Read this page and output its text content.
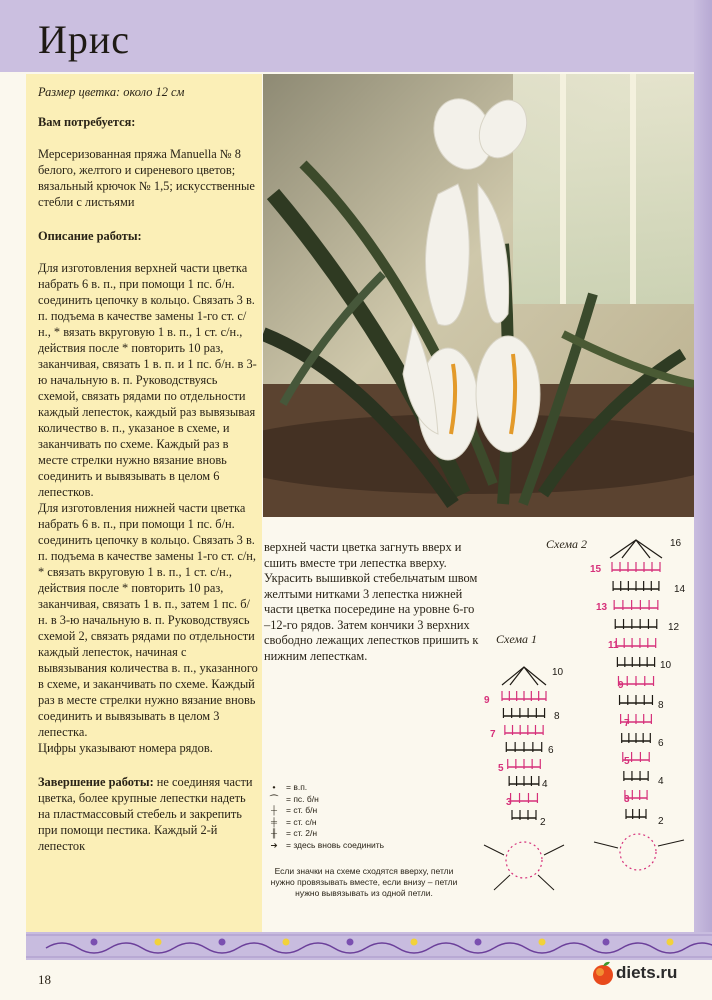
Ирис

Размер цветка: около 12 см

Вам потребуется:

Мерсеризованная пряжа Manuella № 8 белого, желтого и сиреневого цветов; вязальный крючок № 1,5; искусственные стебли с листьями

Описание работы:

Для изготовления верхней части цветка набрать 6 в. п., при помощи 1 пс. б/н. соединить цепочку в кольцо. Связать 3 в. п. подъема в качестве замены 1-го ст. с/н., * вязать вкруговую 1 в. п., 1 ст. с/н., действия после * повторить 10 раз, заканчивая, связать 1 в. п. и 1 пс. б/н. в 3-ю начальную в. п. Руководствуясь схемой, связать рядами по отдельности каждый лепесток, каждый раз вывязывая количество в. п., указаное в схеме, и заканчивать по схеме. Каждый раз в месте стрелки нужно вязание вновь соединить и вывязывать в целом 6 лепестков.

Для изготовления нижней части цветка набрать 6 в. п., при помощи 1 пс. б/н. соединить цепочку в кольцо. Связать 3 в. п. подъема в качестве замены 1-го ст. с/н, * связать вкруговую 1 в. п., 1 ст. с/н., действия после * повторить 10 раз, заканчивая, связать 1 в. п., затем 1 пс. б/н. в 3-ю начальную в. п. Руководствуясь схемой 2, связать рядами по отдельности каждый лепесток, начиная с вывязывания количества в. п., указанного в схеме, и заканчивать по схеме. Каждый раз в месте стрелки нужно вязание вновь соединить и вывязывать в целом 3 лепестка.

Цифры указывают номера рядов.

Завершение работы: не соединяя части цветка, более крупные лепестки надеть на пластмассовый стебель и закрепить при помощи пестика. Каждый 2-й лепесток

верхней части цветка загнуть вверх и сшить вместе три лепестка вверху. Украсить вышивкой стебельчатым швом желтыми нитками 3 лепестка нижней части цветка посередине на уровне 6-го –12-го рядов. Затем кончики 3 верхних свободно лежащих лепестков пришить к нижним лепесткам.
Схема 2
Схема 1
9
7
5
3
10
8
6
4
2
15
13
11
9
7
5
3
16
14
12
10
8
6
4
2
•	= в.п.
⌒ = пс. б/н
┼	= ст. б/н
╪	= ст. с/н
╫	= ст. 2/н
➔ = здесь вновь соединить
Если значки на схеме сходятся вверху, петли нужно провязывать вместе, если внизу – петли нужно вывязывать из одной петли.
18	diets .ru
